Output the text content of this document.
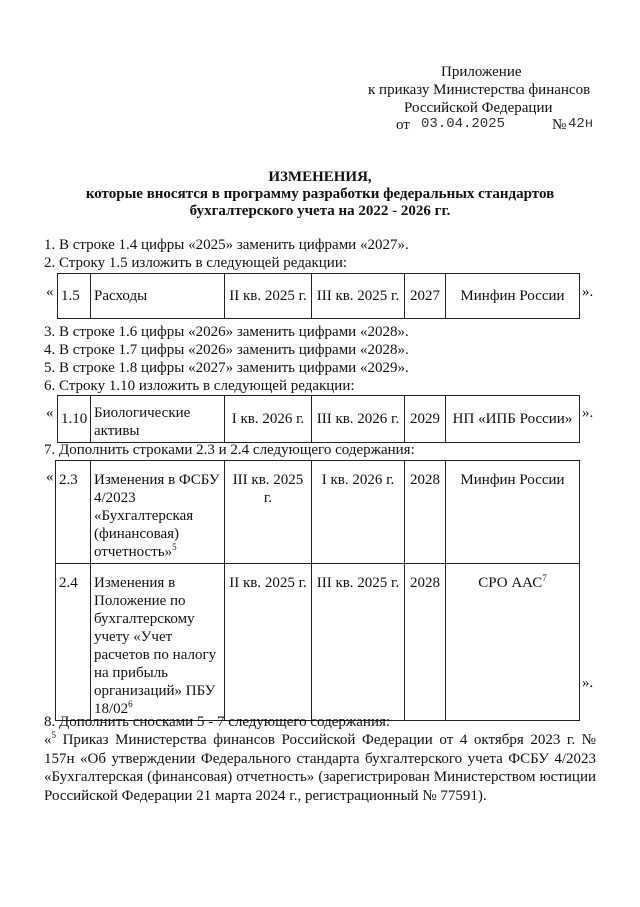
Приложение
к приказу Министерства финансов
Российской Федерации
от 03.04.2025	№ 42н
ИЗМЕНЕНИЯ,
которые вносятся в программу разработки федеральных стандартов
бухгалтерского учета на 2022 - 2026 гг.
1. В строке 1.4 цифры «2025» заменить цифрами «2027».
2. Строку 1.5 изложить в следующей редакции:
« 1.5	Расходы	II кв. 2025 г.	III кв. 2025 г.	2027	Минфин России ».
3. В строке 1.6 цифры «2026» заменить цифрами «2028».
4. В строке 1.7 цифры «2026» заменить цифрами «2028».
5. В строке 1.8 цифры «2027» заменить цифрами «2029».
6. Строку 1.10 изложить в следующей редакции:
« 1.10	Биологические активы	I кв. 2026 г.	III кв. 2026 г.	2029	НП «ИПБ России» ».
7. Дополнить строками 2.3 и 2.4 следующего содержания:
« 2.3	Изменения в ФСБУ 4/2023 «Бухгалтерская (финансовая) отчетность»$^5$	III кв. 2025 г.	I кв. 2026 г.	2028	Минфин России
2.4	Изменения в Положение по бухгалтерскому учету «Учет расчетов по налогу на прибыль организаций» ПБУ $18/02^6$	II кв. 2025 г.	III кв. 2025 г.	2028	СРО ААС$^7$
».
8. Дополнить сносками 5 - 7 следующего содержания:
«$^5$ Приказ Министерства финансов Российской Федерации от 4 октября 2023 г. № 157н «Об утверждении Федерального стандарта бухгалтерского учета ФСБУ 4/2023 «Бухгалтерская (финансовая) отчетность» (зарегистрирован Министерством юстиции Российской Федерации 21 марта 2024 г., регистрационный № 77591).
